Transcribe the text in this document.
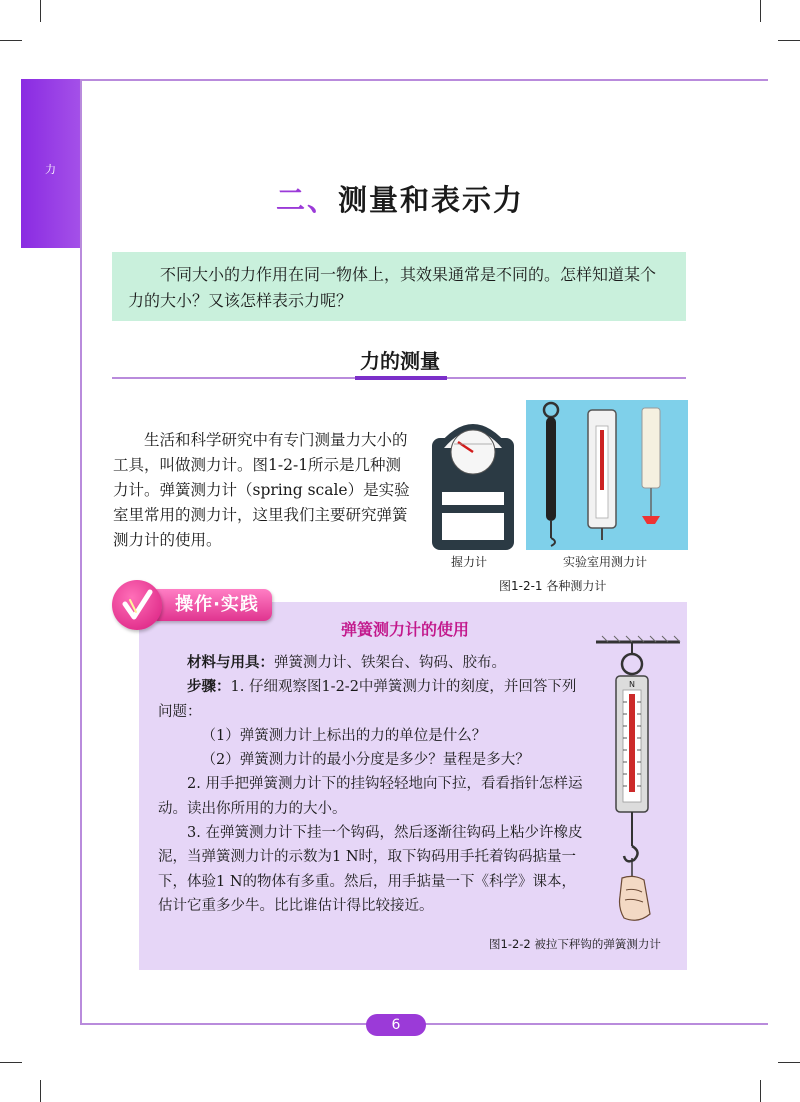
力
二、测量和表示力

不同大小的力作用在同一物体上，其效果通常是不同的。怎样知道某个力的大小？又该怎样表示力呢？

力的测量

生活和科学研究中有专门测量力大小的工具，叫做测力计。图1-2-1所示是几种测力计。弹簧测力计（spring scale）是实验室里常用的测力计，这里我们主要研究弹簧测力计的使用。

握力计	实验室用测力计
图1-2-1 各种测力计
操作·实践
弹簧测力计的使用

材料与用具：弹簧测力计、铁架台、钩码、胶布。

步骤：1. 仔细观察图1-2-2中弹簧测力计的刻度，并回答下列问题：

（1）弹簧测力计上标出的力的单位是什么？

（2）弹簧测力计的最小分度是多少？量程是多大？

2. 用手把弹簧测力计下的挂钩轻轻地向下拉，看看指针怎样运动。读出你所用的力的大小。

3. 在弹簧测力计下挂一个钩码，然后逐渐往钩码上粘少许橡皮泥，当弹簧测力计的示数为1 N时，取下钩码用手托着钩码掂量一下，体验1 N的物体有多重。然后，用手掂量一下《科学》课本，估计它重多少牛。比比谁估计得比较接近。

N
图1-2-2 被拉下秤钩的弹簧测力计
6
